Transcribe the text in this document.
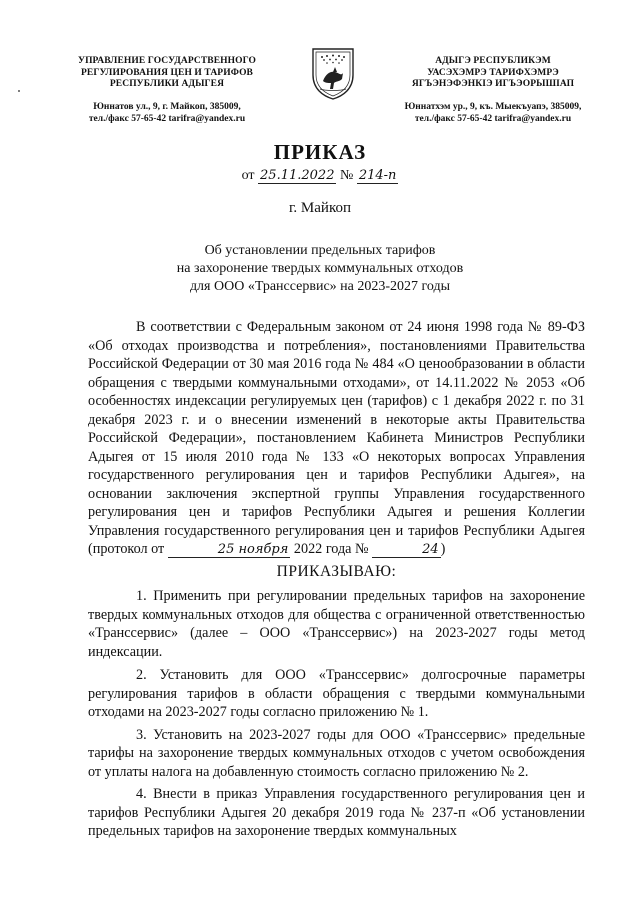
УПРАВЛЕНИЕ ГОСУДАРСТВЕННОГО
РЕГУЛИРОВАНИЯ ЦЕН И ТАРИФОВ
РЕСПУБЛИКИ АДЫГЕЯ
АДЫГЭ РЕСПУБЛИКЭМ
УАСЭХЭМРЭ ТАРИФХЭМРЭ
ЯГЪЭНЭФЭНКІЭ ИГЪЭОРЫШІАП
Юннатов ул., 9, г. Майкоп, 385009,
тел./факс 57-65-42 tarifra@yandex.ru
Юннатхэм ур., 9, къ. Мыекъуапэ, 385009,
тел./факс 57-65-42 tarifra@yandex.ru
ПРИКАЗ
от 25.11.2022 № 214-п
г. Майкоп
Об установлении предельных тарифов
на захоронение твердых коммунальных отходов
для ООО «Транссервис» на 2023-2027 годы

В соответствии с Федеральным законом от 24 июня 1998 года № 89-ФЗ «Об отходах производства и потребления», постановлениями Правительства Российской Федерации от 30 мая 2016 года № 484 «О ценообразовании в области обращения с твердыми коммунальными отходами», от 14.11.2022 № 2053 «Об особенностях индексации регулируемых цен (тарифов) с 1 декабря 2022 г. по 31 декабря 2023 г. и о внесении изменений в некоторые акты Правительства Российской Федерации», постановлением Кабинета Министров Республики Адыгея от 15 июля 2010 года № 133 «О некоторых вопросах Управления государственного регулирования цен и тарифов Республики Адыгея», на основании заключения экспертной группы Управления государственного регулирования цен и тарифов Республики Адыгея и решения Коллегии Управления государственного регулирования цен и тарифов Республики Адыгея (протокол от	25 ноября 2022 года №	24 )

ПРИКАЗЫВАЮ:

1. Применить при регулировании предельных тарифов на захоронение твердых коммунальных отходов для общества с ограниченной ответственностью «Транссервис» (далее – ООО «Транссервис») на 2023-2027 годы метод индексации.

2. Установить для ООО «Транссервис» долгосрочные параметры регулирования тарифов в области обращения с твердыми коммунальными отходами на 2023-2027 годы согласно приложению № 1.

3. Установить на 2023-2027 годы для ООО «Транссервис» предельные тарифы на захоронение твердых коммунальных отходов с учетом освобождения от уплаты налога на добавленную стоимость согласно приложению № 2.

4. Внести в приказ Управления государственного регулирования цен и тарифов Республики Адыгея 20 декабря 2019 года № 237-п «Об установлении предельных тарифов на захоронение твердых коммунальных
